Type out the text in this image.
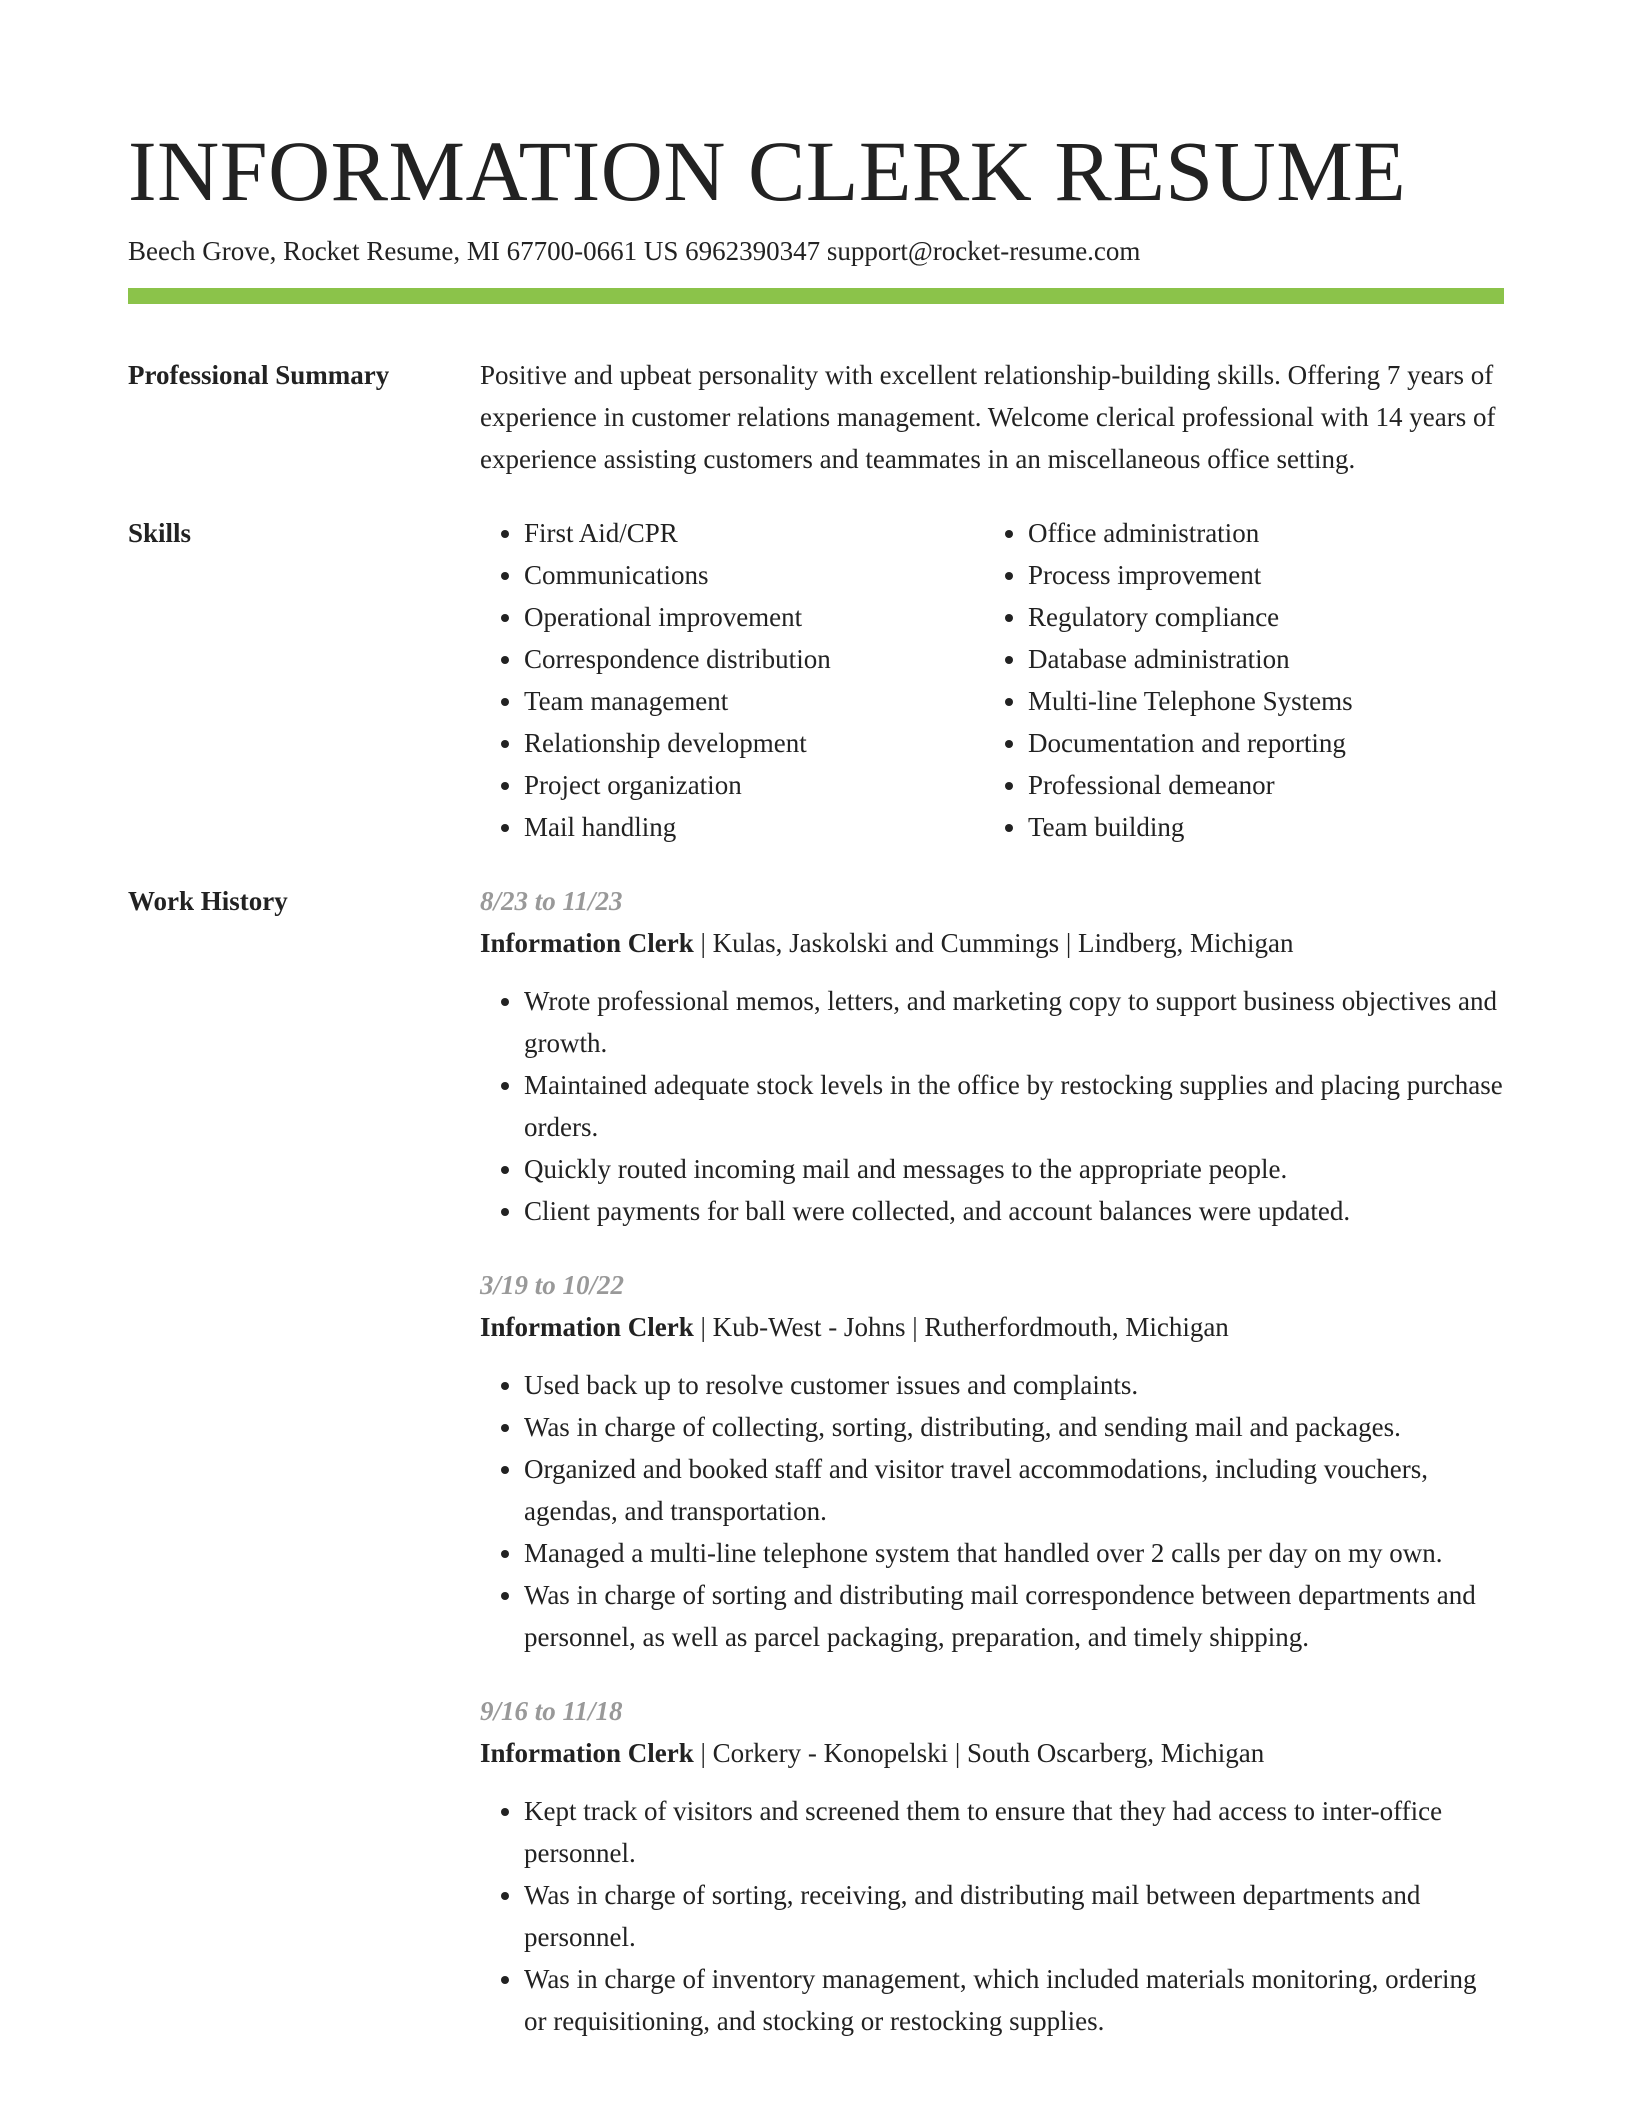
INFORMATION CLERK RESUME
Beech Grove, Rocket Resume, MI 67700-0661 US 6962390347 support@rocket-resume.com
Professional Summary	Positive and upbeat personality with excellent relationship-building skills. Offering 7 years of experience in customer relations management. Welcome clerical professional with 14 years of experience assisting customers and teammates in an miscellaneous office setting.

Skills
•	First Aid/CPR
• Communications
• Operational improvement
• Correspondence distribution
• Team management
• Relationship development
• Project organization
• Mail handling
• Office administration
• Process improvement
• Regulatory compliance
• Database administration
• Multi-line Telephone Systems
• Documentation and reporting
• Professional demeanor
• Team building
Work History	8/23 to 11/23
Information Clerk | Kulas, Jaskolski and Cummings | Lindberg, Michigan
• Wrote professional memos, letters, and marketing copy to support business objectives and growth.
• Maintained adequate stock levels in the office by restocking supplies and placing purchase orders.
• Quickly routed incoming mail and messages to the appropriate people.
• Client payments for ball were collected, and account balances were updated.
3/19 to 10/22
Information Clerk | Kub-West - Johns | Rutherfordmouth, Michigan
• Used back up to resolve customer issues and complaints.
• Was in charge of collecting, sorting, distributing, and sending mail and packages.
• Organized and booked staff and visitor travel accommodations, including vouchers, agendas, and transportation.
• Managed a multi-line telephone system that handled over 2 calls per day on my own.
• Was in charge of sorting and distributing mail correspondence between departments and personnel, as well as parcel packaging, preparation, and timely shipping.
9/16 to 11/18
Information Clerk | Corkery - Konopelski | South Oscarberg, Michigan
• Kept track of visitors and screened them to ensure that they had access to inter-office personnel.
• Was in charge of sorting, receiving, and distributing mail between departments and personnel.
• Was in charge of inventory management, which included materials monitoring, ordering or requisitioning, and stocking or restocking supplies.
